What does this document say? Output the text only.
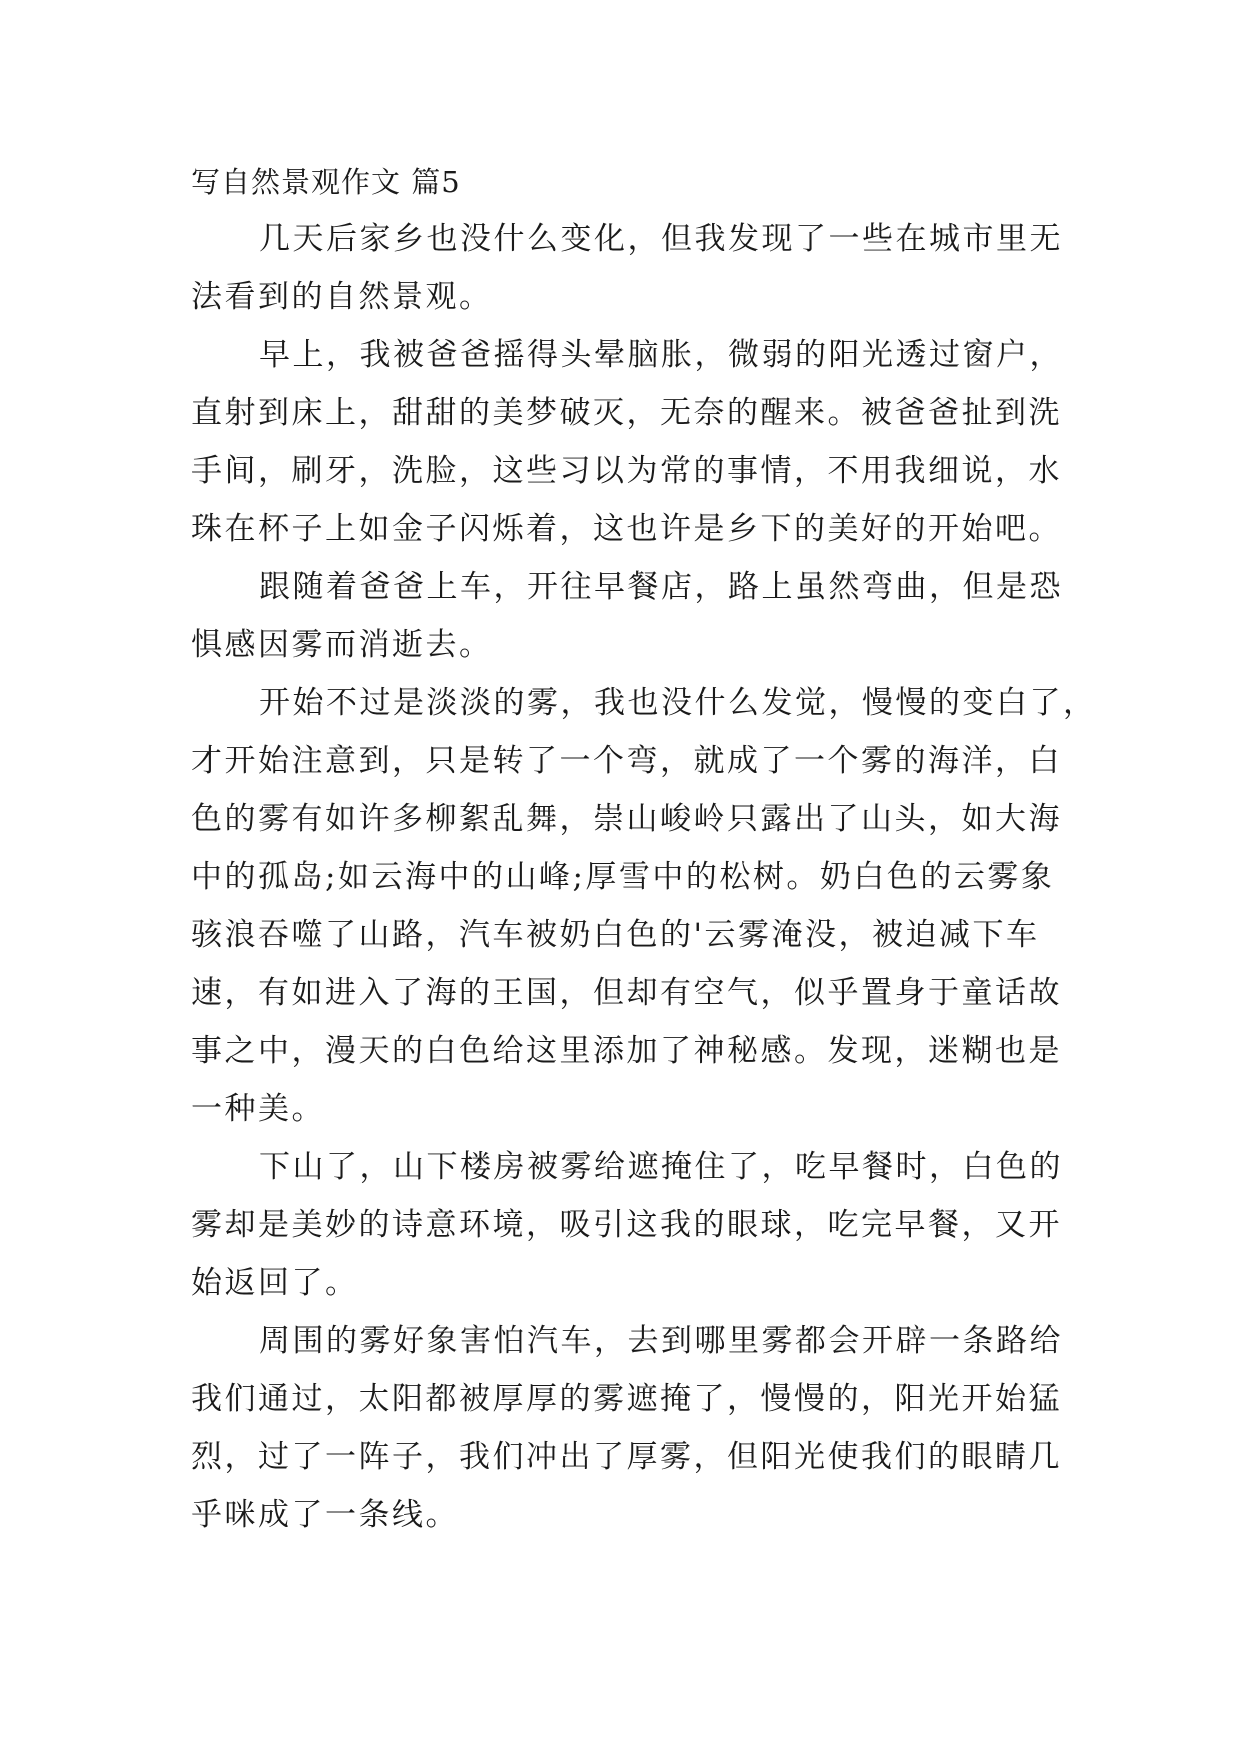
写自然景观作文 篇5
几天后家乡也没什么变化，但我发现了一些在城市里无
法看到的自然景观。
早上，我被爸爸摇得头晕脑胀，微弱的阳光透过窗户，
直射到床上，甜甜的美梦破灭，无奈的醒来。被爸爸扯到洗
手间，刷牙，洗脸，这些习以为常的事情，不用我细说，水
珠在杯子上如金子闪烁着，这也许是乡下的美好的开始吧。
跟随着爸爸上车，开往早餐店，路上虽然弯曲，但是恐
惧感因雾而消逝去。
开始不过是淡淡的雾，我也没什么发觉，慢慢的变白了，
才开始注意到，只是转了一个弯，就成了一个雾的海洋，白
色的雾有如许多柳絮乱舞，崇山峻岭只露出了山头，如大海
中的孤岛;如云海中的山峰;厚雪中的松树。奶白色的云雾象
骇浪吞噬了山路，汽车被奶白色的'云雾淹没，被迫减下车
速，有如进入了海的王国，但却有空气，似乎置身于童话故
事之中，漫天的白色给这里添加了神秘感。发现，迷糊也是
一种美。
下山了，山下楼房被雾给遮掩住了，吃早餐时，白色的
雾却是美妙的诗意环境，吸引这我的眼球，吃完早餐，又开
始返回了。
周围的雾好象害怕汽车，去到哪里雾都会开辟一条路给
我们通过，太阳都被厚厚的雾遮掩了，慢慢的，阳光开始猛
烈，过了一阵子，我们冲出了厚雾，但阳光使我们的眼睛几
乎咪成了一条线。
